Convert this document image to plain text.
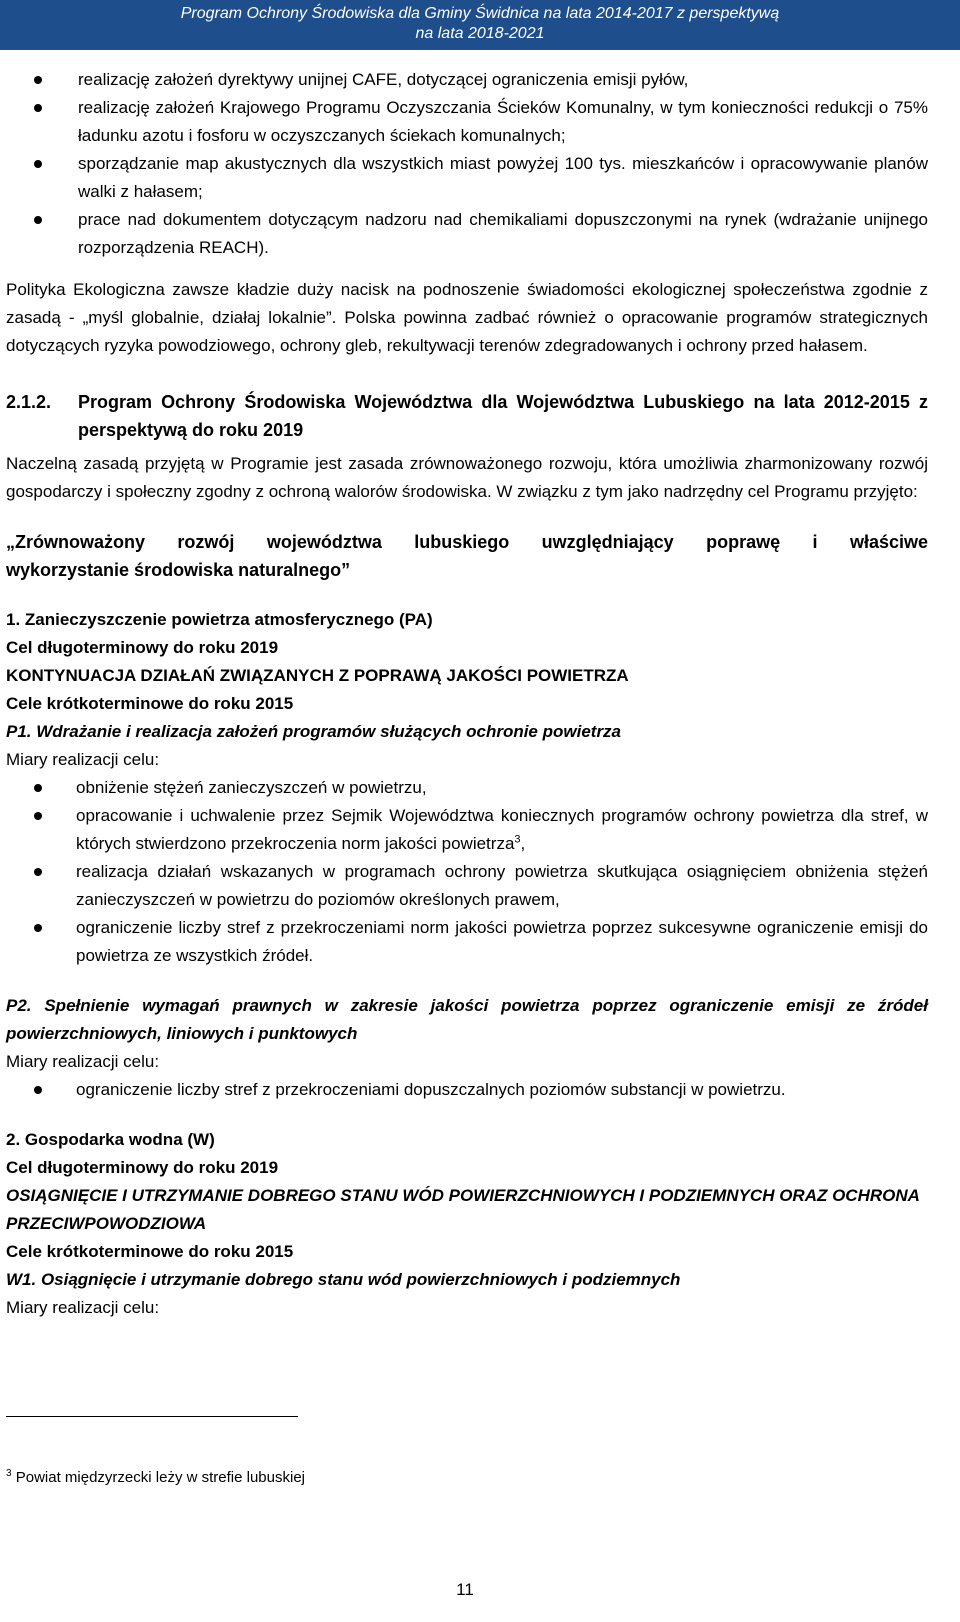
Program Ochrony Środowiska dla Gminy Świdnica na lata 2014-2017 z perspektywą
na lata 2018-2021
realizację założeń dyrektywy unijnej CAFE, dotyczącej ograniczenia emisji pyłów,
realizację założeń Krajowego Programu Oczyszczania Ścieków Komunalny, w tym konieczności redukcji o 75% ładunku azotu i fosforu w oczyszczanych ściekach komunalnych;
sporządzanie map akustycznych dla wszystkich miast powyżej 100 tys. mieszkańców i opracowywanie planów walki z hałasem;
prace nad dokumentem dotyczącym nadzoru nad chemikaliami dopuszczonymi na rynek (wdrażanie unijnego rozporządzenia REACH).

Polityka Ekologiczna zawsze kładzie duży nacisk na podnoszenie świadomości ekologicznej społeczeństwa zgodnie z zasadą - „myśl globalnie, działaj lokalnie”. Polska powinna zadbać również o opracowanie programów strategicznych dotyczących ryzyka powodziowego, ochrony gleb, rekultywacji terenów zdegradowanych i ochrony przed hałasem.

2.1.2.	Program Ochrony Środowiska Województwa dla Województwa Lubuskiego na lata 2012-2015 z perspektywą do roku 2019

Naczelną zasadą przyjętą w Programie jest zasada zrównoważonego rozwoju, która umożliwia zharmonizowany rozwój gospodarczy i społeczny zgodny z ochroną walorów środowiska. W związku z tym jako nadrzędny cel Programu przyjęto:

„Zrównoważony rozwój województwa lubuskiego uwzględniający poprawę i właściwe
wykorzystanie środowiska naturalnego”
1. Zanieczyszczenie powietrza atmosferycznego (PA)
Cel długoterminowy do roku 2019
KONTYNUACJA DZIAŁAŃ ZWIĄZANYCH Z POPRAWĄ JAKOŚCI POWIETRZA
Cele krótkoterminowe do roku 2015
P1. Wdrażanie i realizacja założeń programów służących ochronie powietrza
Miary realizacji celu:
obniżenie stężeń zanieczyszczeń w powietrzu,
opracowanie i uchwalenie przez Sejmik Województwa koniecznych programów ochrony powietrza dla stref, w których stwierdzono przekroczenia norm jakości powietrza$^3$,
realizacja działań wskazanych w programach ochrony powietrza skutkująca osiągnięciem obniżenia stężeń zanieczyszczeń w powietrzu do poziomów określonych prawem,
ograniczenie liczby stref z przekroczeniami norm jakości powietrza poprzez sukcesywne ograniczenie emisji do powietrza ze wszystkich źródeł.
P2. Spełnienie wymagań prawnych w zakresie jakości powietrza poprzez ograniczenie emisji ze źródeł powierzchniowych, liniowych i punktowych
Miary realizacji celu:
ograniczenie liczby stref z przekroczeniami dopuszczalnych poziomów substancji w powietrzu.
2. Gospodarka wodna (W)
Cel długoterminowy do roku 2019
OSIĄGNIĘCIE I UTRZYMANIE DOBREGO STANU WÓD POWIERZCHNIOWYCH I PODZIEMNYCH ORAZ OCHRONA PRZECIWPOWODZIOWA
Cele krótkoterminowe do roku 2015
W1. Osiągnięcie i utrzymanie dobrego stanu wód powierzchniowych i podziemnych
Miary realizacji celu:
$^3$ Powiat międzyrzecki leży w strefie lubuskiej
11
